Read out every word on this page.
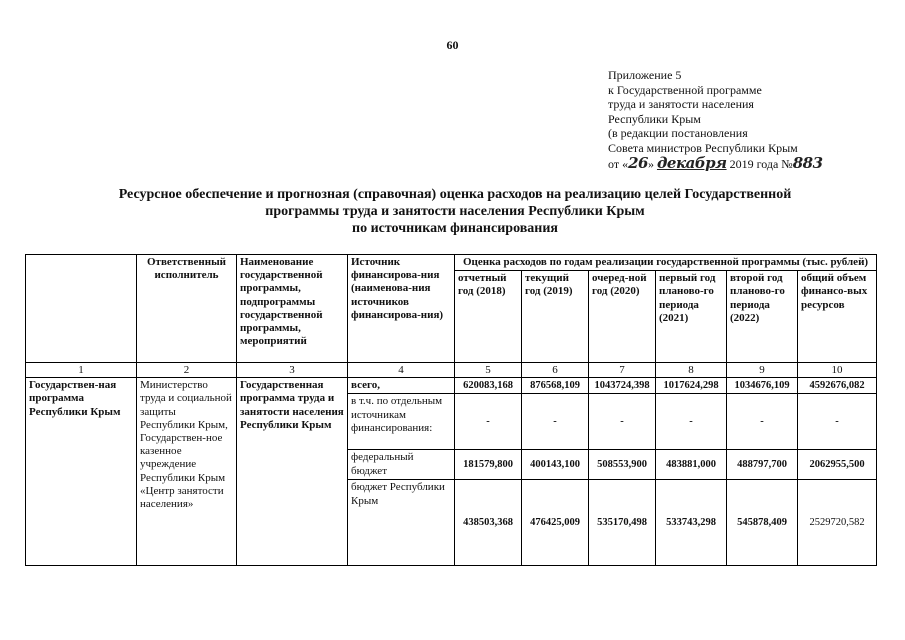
60
Приложение 5
к Государственной программе
труда и занятости населения
Республики Крым
(в редакции постановления
Совета министров Республики Крым
от «26» декабря 2019 года №883
Ресурсное обеспечение и прогнозная (справочная) оценка расходов на реализацию целей Государственной
программы труда и занятости населения Республики Крым
по источникам финансирования
	Ответственный исполнитель	Наименование государственной программы, подпрограммы государственной программы, мероприятий	Источник финансирова-ния (наименова-ния источников финансирова-ния)	Оценка расходов по годам реализации государственной программы (тыс. рублей)					
				отчетный год (2018)	текущий год (2019)	очеред-ной год (2020)	первый год планово-го периода (2021)	второй год планово-го периода (2022)	общий объем финансо-вых ресурсов
1	2	3	4	5	6	7	8	9	10
Государствен-ная программа Республики Крым	Министерство труда и социальной защиты Республики Крым, Государствен-ное казенное учреждение Республики Крым «Центр занятости населения»	Государственная программа труда и занятости населения Республики Крым	всего,	620083,168	876568,109	1043724,398	1017624,298	1034676,109	4592676,082
			в т.ч. по отдельным источникам финансирования:	-	-	-	-	-	-
			федеральный бюджет	181579,800	400143,100	508553,900	483881,000	488797,700	2062955,500
			бюджет Республики Крым	438503,368	476425,009	535170,498	533743,298	545878,409	2529720,582
